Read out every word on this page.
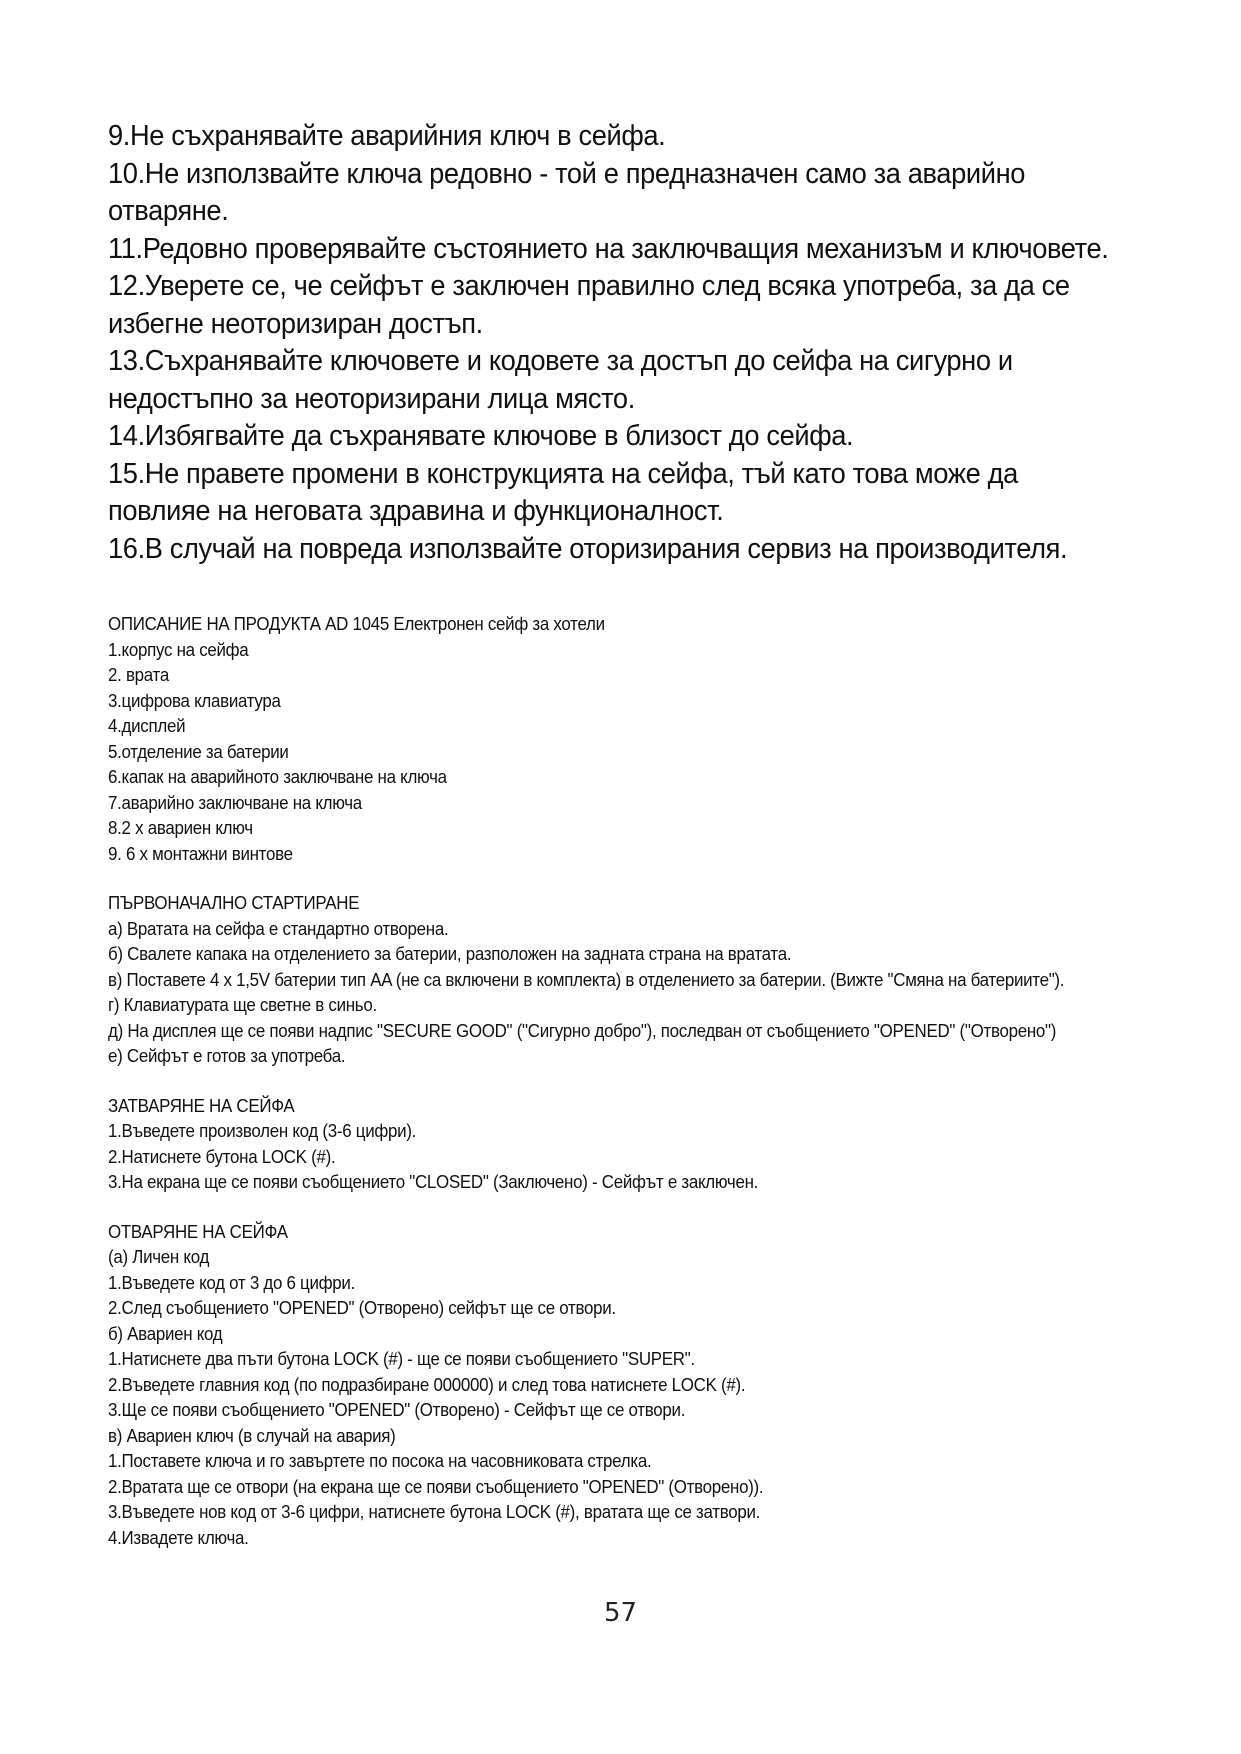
9.Не съхранявайте аварийния ключ в сейфа.

10.Не използвайте ключа редовно - той е предназначен само за аварийно отваряне.

11.Редовно проверявайте състоянието на заключващия механизъм и ключовете.

12.Уверете се, че сейфът е заключен правилно след всяка употреба, за да се избегне неоторизиран достъп.

13.Съхранявайте ключовете и кодовете за достъп до сейфа на сигурно и недостъпно за неоторизирани лица място.

14.Избягвайте да съхранявате ключове в близост до сейфа.

15.Не правете промени в конструкцията на сейфа, тъй като това може да повлияе на неговата здравина и функционалност.

16.В случай на повреда използвайте оторизирания сервиз на производителя.

ОПИСАНИЕ НА ПРОДУКТА AD 1045 Електронен сейф за хотели

1.корпус на сейфа

2. врата

3.цифрова клавиатура

4.дисплей

5.отделение за батерии

6.капак на аварийното заключване на ключа

7.аварийно заключване на ключа

8.2 x авариен ключ

9. 6 x монтажни винтове

ПЪРВОНАЧАЛНО СТАРТИРАНЕ

а) Вратата на сейфа е стандартно отворена.

б) Свалете капака на отделението за батерии, разположен на задната страна на вратата.

в) Поставете 4 x 1,5V батерии тип AA (не са включени в комплекта) в отделението за батерии. (Вижте "Смяна на батериите").

г) Клавиатурата ще светне в синьо.

д) На дисплея ще се появи надпис "SECURE GOOD" ("Сигурно добро"), последван от съобщението "OPENED" ("Отворено")

е) Сейфът е готов за употреба.

ЗАТВАРЯНЕ НА СЕЙФА

1.Въведете произволен код (3-6 цифри).

2.Натиснете бутона LOCK (#).

3.На екрана ще се появи съобщението "CLOSED" (Заключено) - Сейфът е заключен.

ОТВАРЯНЕ НА СЕЙФА

(а) Личен код

1.Въведете код от 3 до 6 цифри.

2.След съобщението "OPENED" (Отворено) сейфът ще се отвори.

б) Авариен код

1.Натиснете два пъти бутона LOCK (#) - ще се появи съобщението "SUPER".

2.Въведете главния код (по подразбиране 000000) и след това натиснете LOCK (#).

3.Ще се появи съобщението "OPENED" (Отворено) - Сейфът ще се отвори.

в) Авариен ключ (в случай на авария)

1.Поставете ключа и го завъртете по посока на часовниковата стрелка.

2.Вратата ще се отвори (на екрана ще се появи съобщението "OPENED" (Отворено)).

3.Въведете нов код от 3-6 цифри, натиснете бутона LOCK (#), вратата ще се затвори.

4.Извадете ключа.

57
